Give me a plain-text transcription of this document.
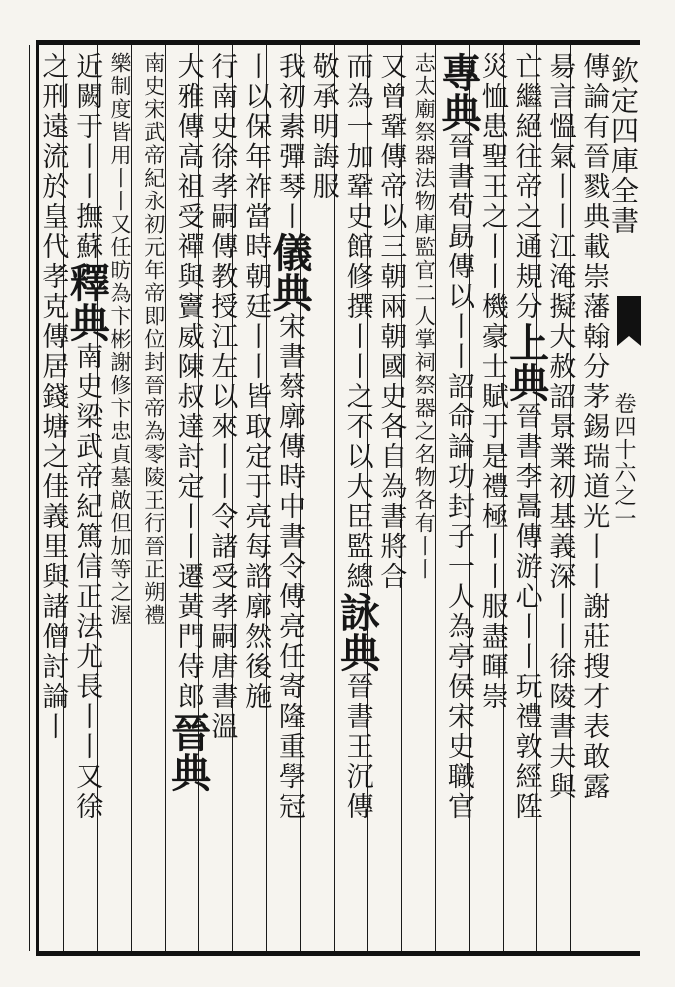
欽定四庫全書
卷四十六之一
傳論有晉戮典載崇藩翰分茅錫瑞道光丨丨謝莊搜才表敢露
昜言慍氣丨丨江淹擬大赦詔景業初基義深丨丨徐陵書夫與
亡繼絕往帝之通規分上典晉書李暠傳游心丨丨玩禮敦經陞
災恤患聖王之丨丨機豪士賦于是禮極丨丨服盡暉崇
專典晉書荀勗傳以丨丨詔命論功封子一人為亭侯宋史職官
志太廟祭器法物庫監官二人掌祠祭器之名物各有丨丨
又曾鞏傳帝以三朝兩朝國史各自為書將合
而為一加鞏史館修撰丨丨之不以大臣監總詠典晉書王沉傳
敬承明誨服
我初素彈琴丨儀典宋書蔡廓傳時中書令傅亮任寄隆重學冠
丨以保年祚當時朝廷丨丨皆取定于亮每諮廓然後施
行南史徐孝嗣傳教授江左以來丨丨令諸受孝嗣唐書溫
大雅傳高祖受禪與竇威陳叔達討定丨丨遷黃門侍郎晉典
南史宋武帝紀永初元年帝即位封晉帝為零陵王行晉正朔禮
樂制度皆用丨丨又任昉為卞彬謝修卞忠貞墓啟但加等之渥
近闕于丨丨撫蘇釋典南史梁武帝紀篤信正法尤長丨丨又徐
之刑遠流於皇代孝克傳居錢塘之佳義里與諸僧討論丨
